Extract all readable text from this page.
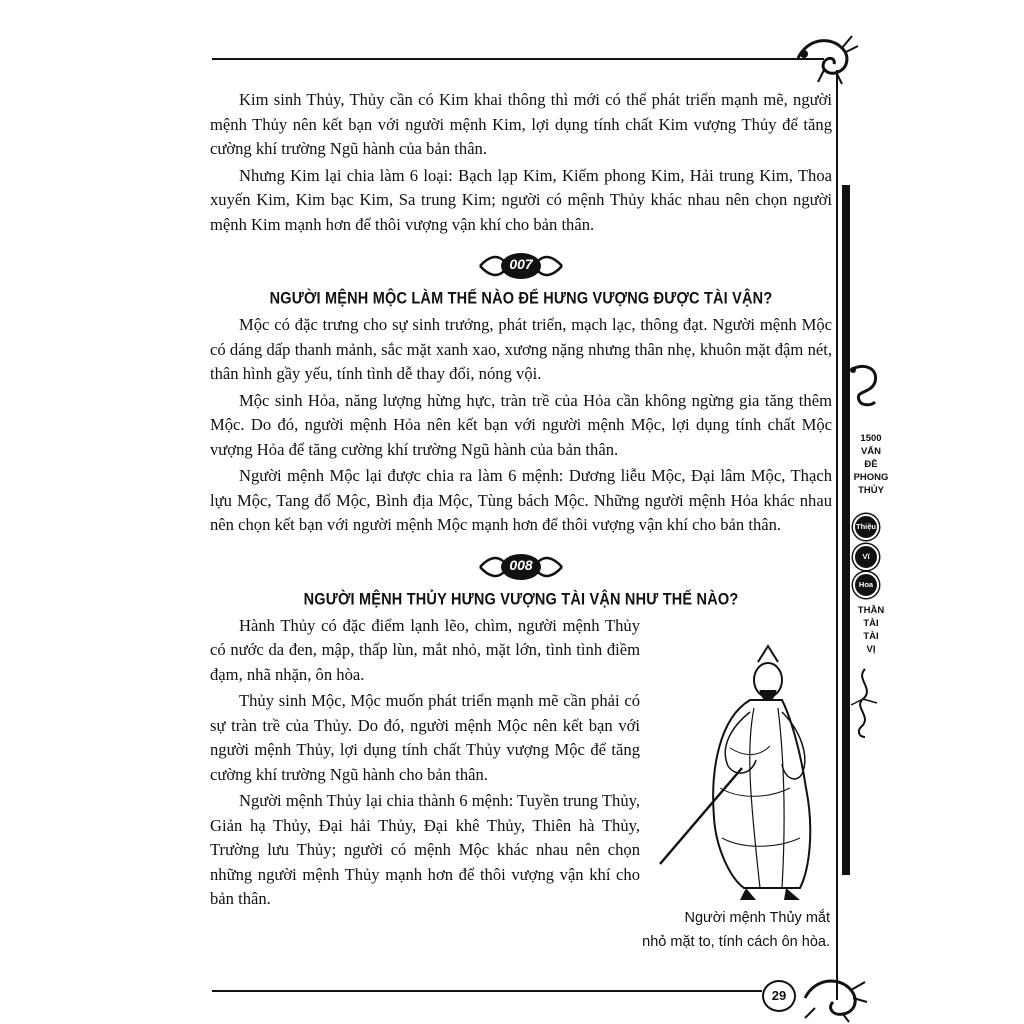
Kim sinh Thủy, Thủy cần có Kim khai thông thì mới có thể phát triển mạnh mẽ, người mệnh Thủy nên kết bạn với người mệnh Kim, lợi dụng tính chất Kim vượng Thủy để tăng cường khí trường Ngũ hành của bản thân.

Nhưng Kim lại chia làm 6 loại: Bạch lạp Kim, Kiếm phong Kim, Hải trung Kim, Thoa xuyến Kim, Kim bạc Kim, Sa trung Kim; người có mệnh Thủy khác nhau nên chọn người mệnh Kim mạnh hơn để thôi vượng vận khí cho bản thân.

007
NGƯỜI MỆNH MỘC LÀM THẾ NÀO ĐỂ HƯNG VƯỢNG ĐƯỢC TÀI VẬN?

Mộc có đặc trưng cho sự sinh trưởng, phát triển, mạch lạc, thông đạt. Người mệnh Mộc có dáng dấp thanh mảnh, sắc mặt xanh xao, xương nặng nhưng thân nhẹ, khuôn mặt đậm nét, thân hình gầy yếu, tính tình dễ thay đổi, nóng vội.

Mộc sinh Hỏa, năng lượng hừng hực, tràn trề của Hỏa cần không ngừng gia tăng thêm Mộc. Do đó, người mệnh Hỏa nên kết bạn với người mệnh Mộc, lợi dụng tính chất Mộc vượng Hỏa để tăng cường khí trường Ngũ hành của bản thân.

Người mệnh Mộc lại được chia ra làm 6 mệnh: Dương liễu Mộc, Đại lâm Mộc, Thạch lựu Mộc, Tang đố Mộc, Bình địa Mộc, Tùng bách Mộc. Những người mệnh Hỏa khác nhau nên chọn kết bạn với người mệnh Mộc mạnh hơn để thôi vượng vận khí cho bản thân.

008
NGƯỜI MỆNH THỦY HƯNG VƯỢNG TÀI VẬN NHƯ THẾ NÀO?

Hành Thủy có đặc điểm lạnh lẽo, chìm, người mệnh Thủy có nước da đen, mập, thấp lùn, mắt nhỏ, mặt lớn, tình tình điềm đạm, nhã nhặn, ôn hòa.

Thủy sinh Mộc, Mộc muốn phát triển mạnh mẽ cần phải có sự tràn trề của Thủy. Do đó, người mệnh Mộc nên kết bạn với người mệnh Thủy, lợi dụng tính chất Thủy vượng Mộc để tăng cường khí trường Ngũ hành cho bản thân.

Người mệnh Thủy lại chia thành 6 mệnh: Tuyền trung Thủy, Giản hạ Thủy, Đại hải Thủy, Đại khê Thủy, Thiên hà Thủy, Trường lưu Thủy; người có mệnh Mộc khác nhau nên chọn những người mệnh Thủy mạnh hơn để thôi vượng vận khí cho bản thân.

Người mệnh Thủy mắt
nhỏ mặt to, tính cách ôn hòa.
1500
VẤN
ĐỀ
PHONG
THỦY
Thiệu
Vĩ
Hoa
THẦN
TÀI
TÀI
VỊ
29
